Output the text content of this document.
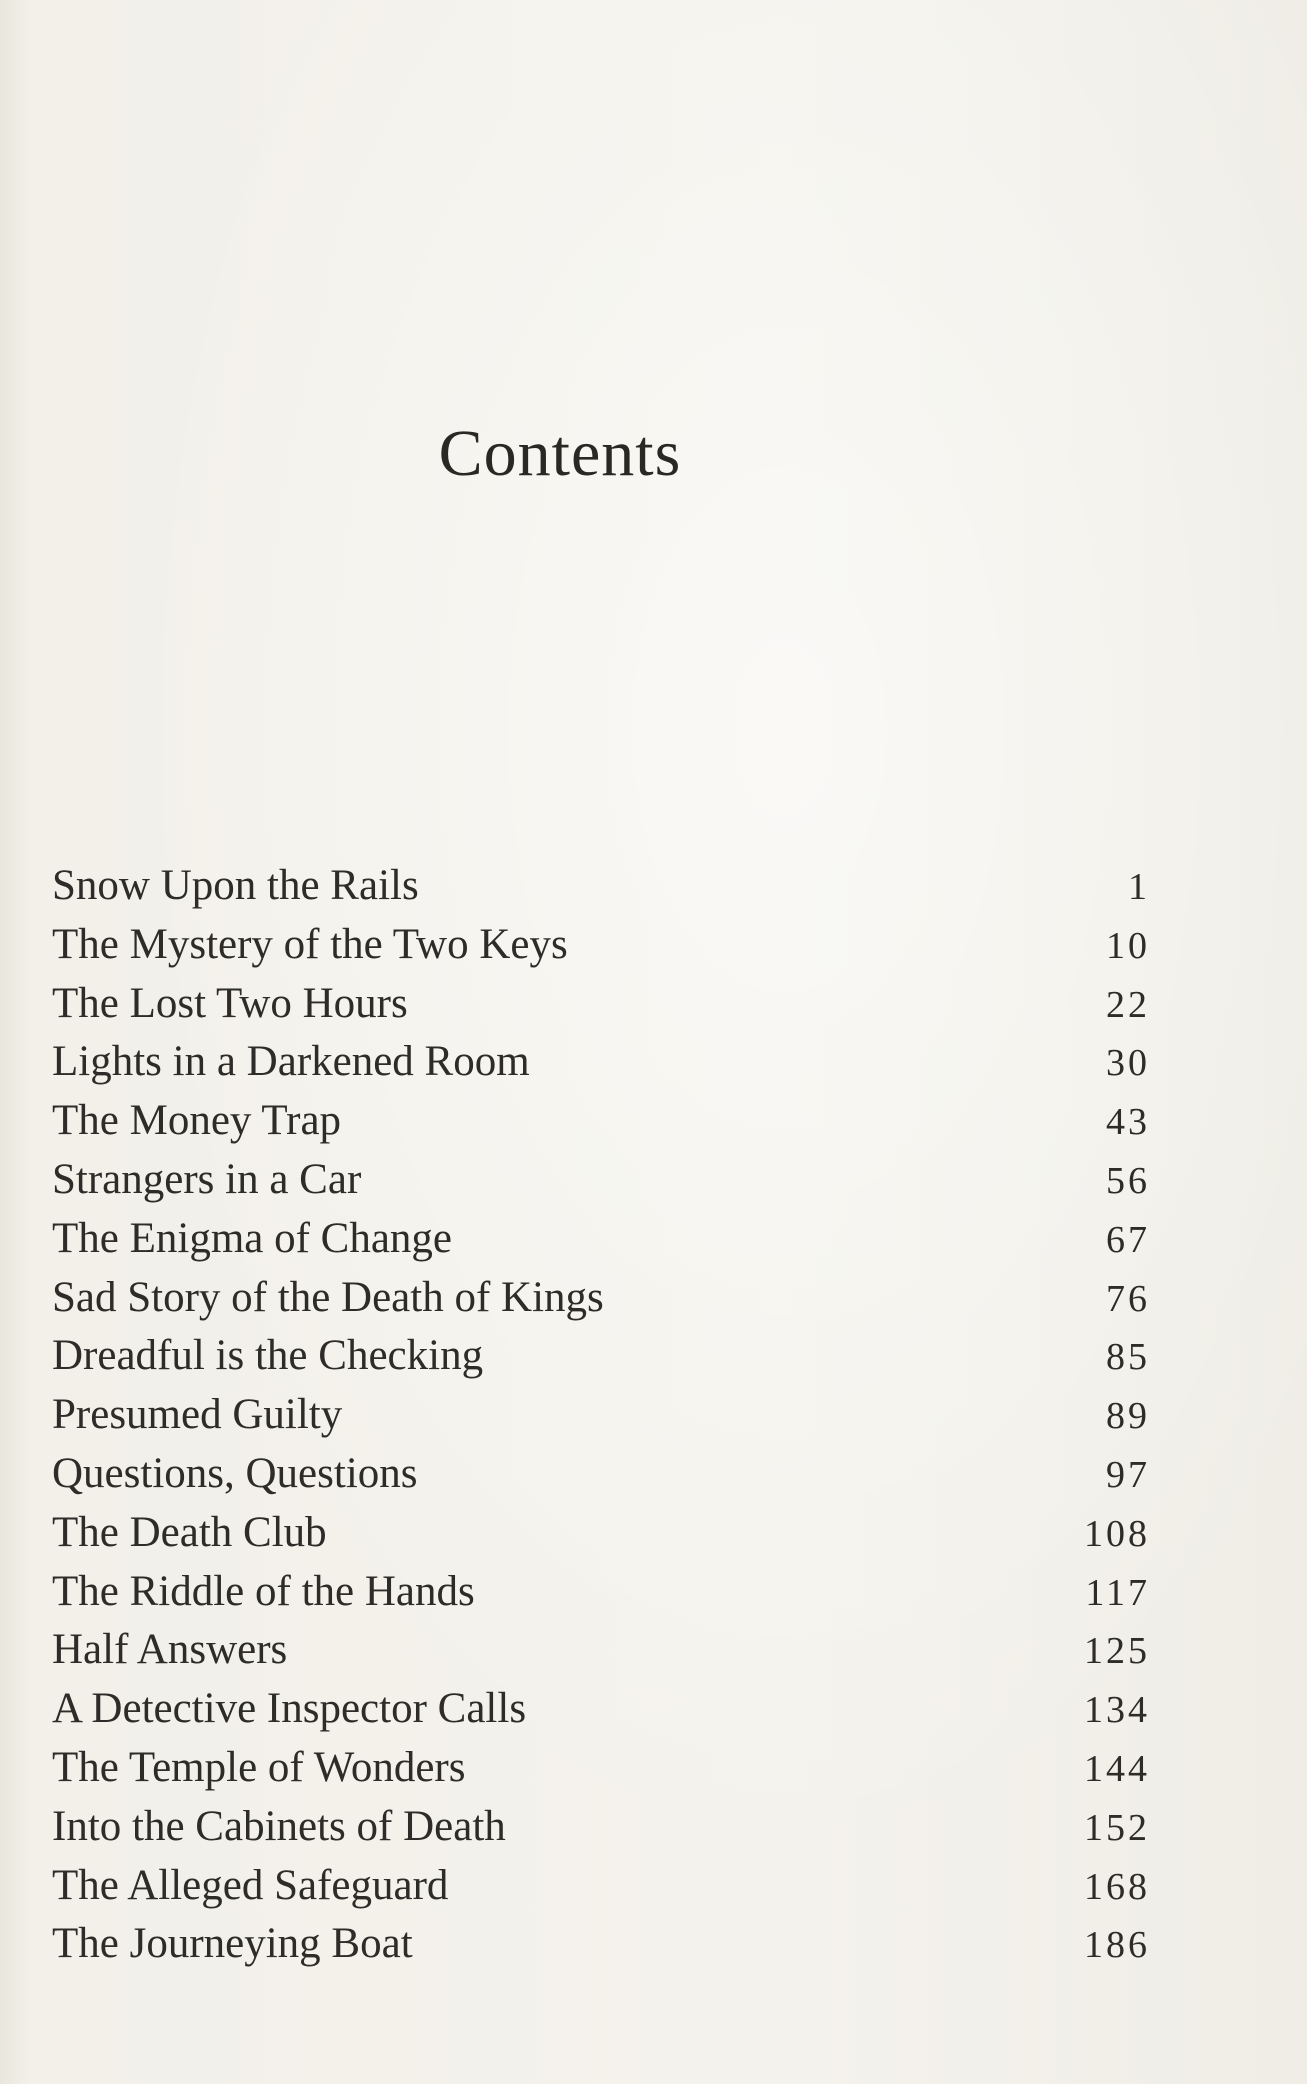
Contents
Snow Upon the Rails	1
The Mystery of the Two Keys	10
The Lost Two Hours	22
Lights in a Darkened Room	30
The Money Trap	43
Strangers in a Car	56
The Enigma of Change	67
Sad Story of the Death of Kings	76
Dreadful is the Checking	85
Presumed Guilty	89
Questions, Questions	97
The Death Club	108
The Riddle of the Hands	117
Half Answers	125
A Detective Inspector Calls	134
The Temple of Wonders	144
Into the Cabinets of Death	152
The Alleged Safeguard	168
The Journeying Boat	186
